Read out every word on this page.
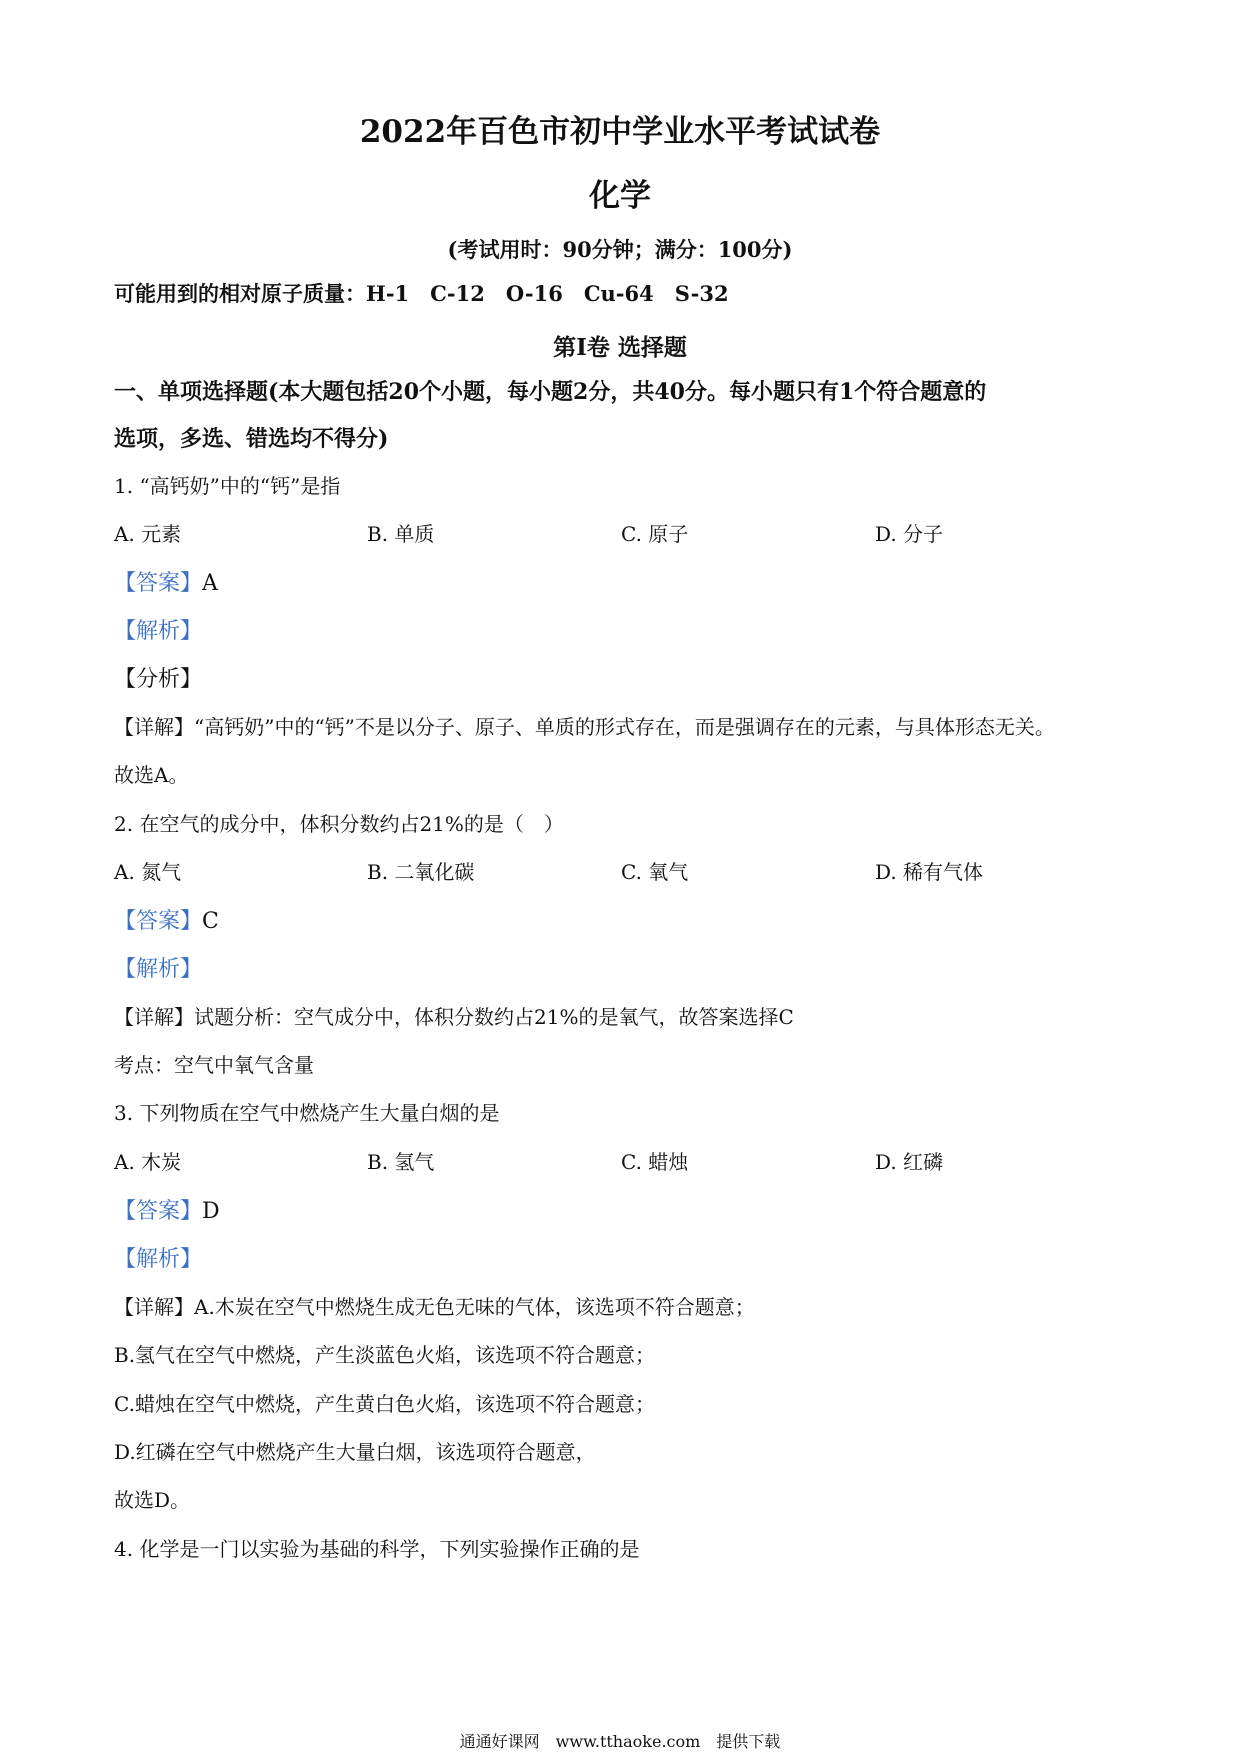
2022年百色市初中学业水平考试试卷
化学
(考试用时：90分钟；满分：100分)
可能用到的相对原子质量：H-1　C-12　O-16　Cu-64　S-32
第Ⅰ卷 选择题
一、单项选择题(本大题包括20个小题，每小题2分，共40分。每小题只有1个符合题意的
选项，多选、错选均不得分)
1. “高钙奶”中的“钙”是指
A. 元素	B. 单质	C. 原子	D. 分子
【答案】A
【解析】
【分析】
【详解】“高钙奶”中的“钙”不是以分子、原子、单质的形式存在，而是强调存在的元素，与具体形态无关。
故选A。
2. 在空气的成分中，体积分数约占21%的是（　）
A. 氮气	B. 二氧化碳	C. 氧气	D. 稀有气体
【答案】C
【解析】
【详解】试题分析：空气成分中，体积分数约占21%的是氧气，故答案选择C
考点：空气中氧气含量
3. 下列物质在空气中燃烧产生大量白烟的是
A. 木炭	B. 氢气	C. 蜡烛	D. 红磷
【答案】D
【解析】
【详解】A.木炭在空气中燃烧生成无色无味的气体，该选项不符合题意；
B.氢气在空气中燃烧，产生淡蓝色火焰，该选项不符合题意；
C.蜡烛在空气中燃烧，产生黄白色火焰，该选项不符合题意；
D.红磷在空气中燃烧产生大量白烟，该选项符合题意，
故选D。
4. 化学是一门以实验为基础的科学，下列实验操作正确的是
通通好课网　www.tthaoke.com　提供下载
